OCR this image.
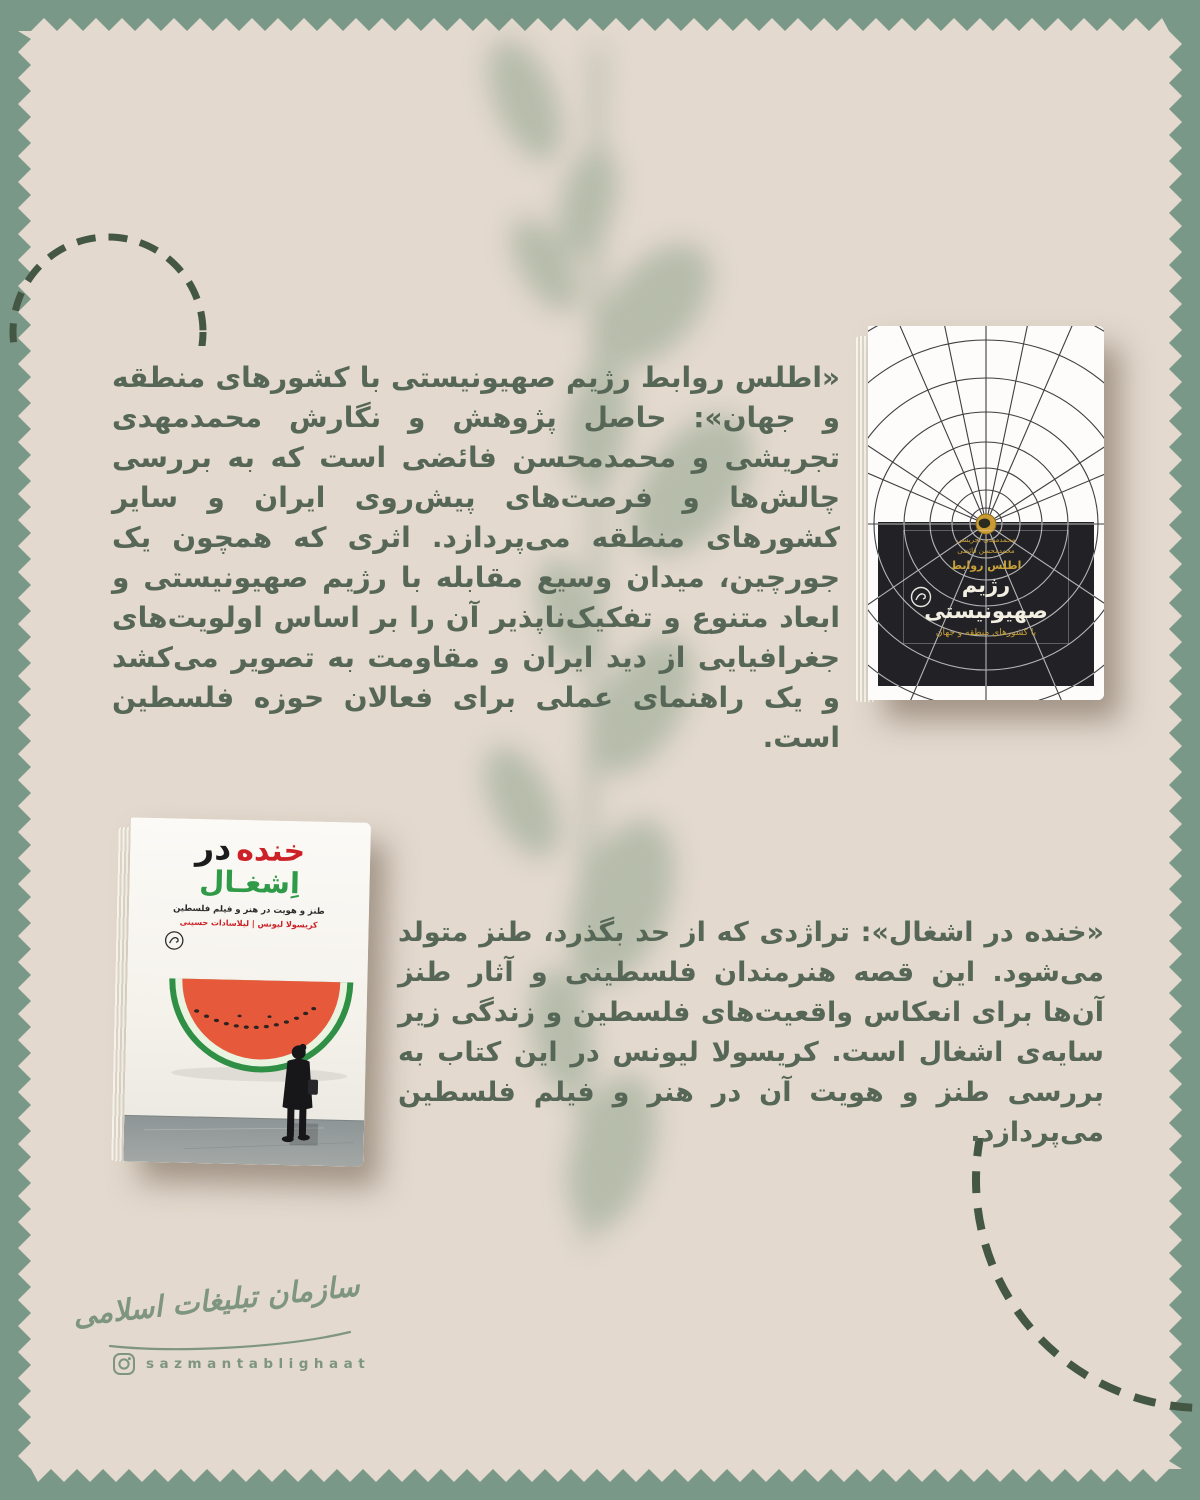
«اطلس روابط رژیم صهیونیستی با کشورهای منطقه و جهان»: حاصل پژوهش و نگارش محمدمهدی تجریشی و محمدمحسن فائضی است که به بررسی چالش‌ها و فرصت‌های پیش‌روی ایران و سایر کشورهای منطقه می‌پردازد. اثری که همچون یک جورچین، میدان وسیع مقابله با رژیم صهیونیستی و ابعاد متنوع و تفکیک‌ناپذیر آن را بر اساس اولویت‌های جغرافیایی از دید ایران و مقاومت به تصویر می‌کشد و یک راهنمای عملی برای فعالان حوزه فلسطین است.

محمدمهدی تجریشی
محمدمحسن فائضی
اطلس روابط
رژیم صهیونیستی
با کشورهای منطقه و جهان
خنده در
اِشغـال
طنز و هویت در هنر و فیلم فلسطین
کریسولا لیونس | لیلاسادات حسینی	«خنده در اشغال»: تراژدی که از حد بگذرد، طنز متولد می‌شود. این قصه هنرمندان فلسطینی و آثار طنز آن‌ها برای انعکاس واقعیت‌های فلسطین و زندگی زیر سایه‌ی اشغال است. کریسولا لیونس در این کتاب به بررسی طنز و هویت آن در هنر و فیلم فلسطین می‌پردازد.

سازمان تبلیغات اسلامی
sazmantablighaat
